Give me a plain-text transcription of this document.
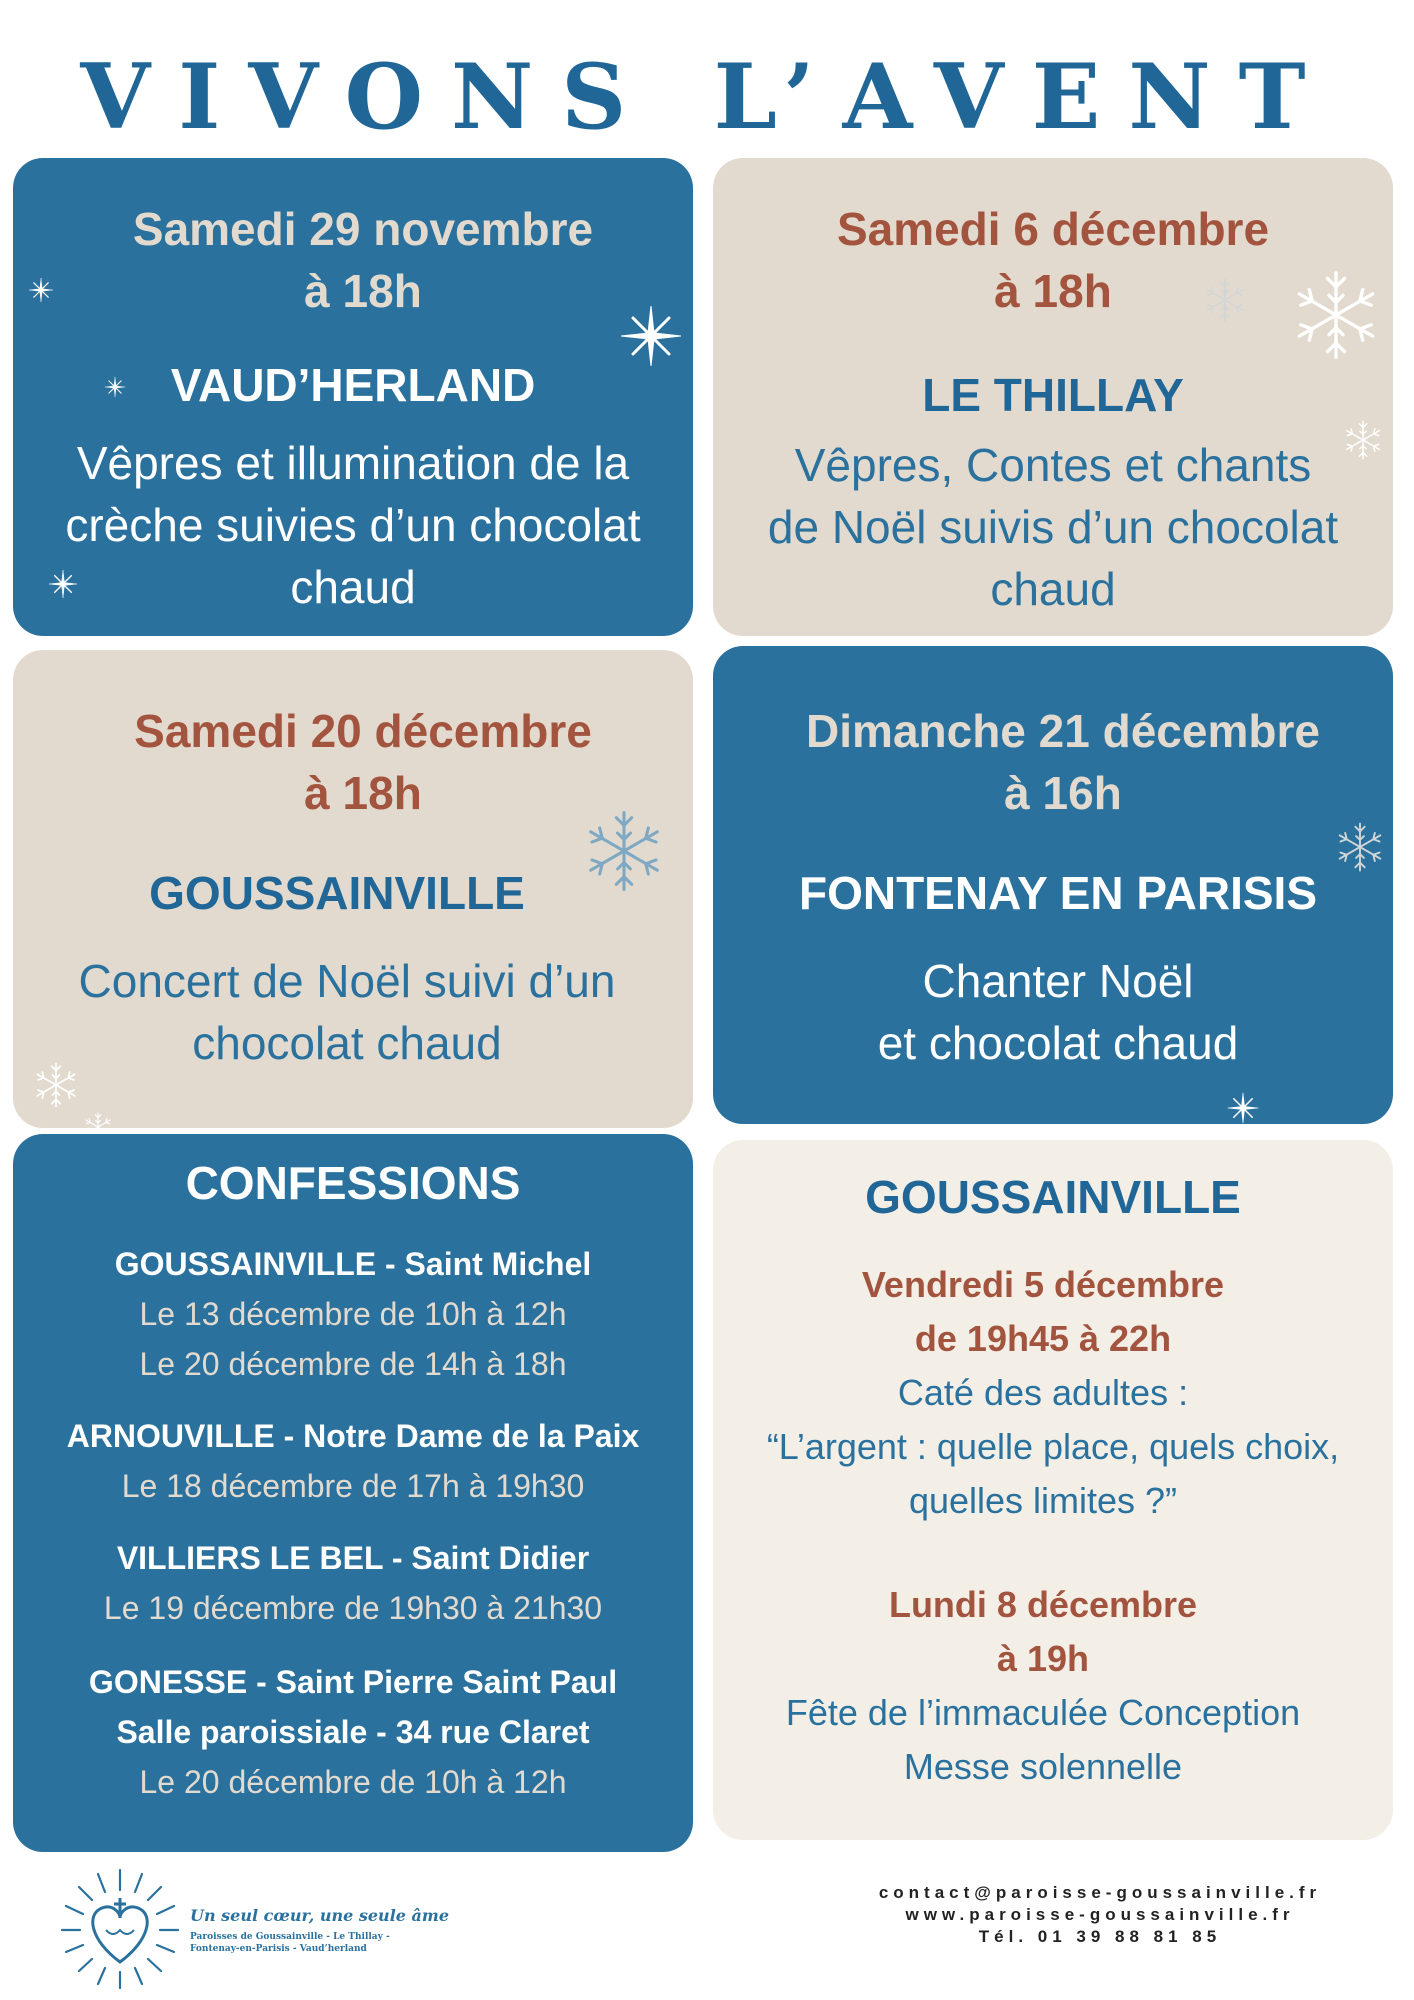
VIVONS L’AVENT
Samedi 29 novembre
à 18h
VAUD’HERLAND
Vêpres et illumination de la
crèche suivies d’un chocolat
chaud
Samedi 6 décembre
à 18h
LE THILLAY
Vêpres, Contes et chants
de Noël suivis d’un chocolat
chaud
Samedi 20 décembre
à 18h
GOUSSAINVILLE
Concert de Noël suivi d’un
chocolat chaud
Dimanche 21 décembre
à 16h
FONTENAY EN PARISIS
Chanter Noël
et chocolat chaud
CONFESSIONS
GOUSSAINVILLE - Saint Michel
Le 13 décembre de 10h à 12h
Le 20 décembre de 14h à 18h
ARNOUVILLE - Notre Dame de la Paix
Le 18 décembre de 17h à 19h30
VILLIERS LE BEL - Saint Didier
Le 19 décembre de 19h30 à 21h30
GONESSE - Saint Pierre Saint Paul
Salle paroissiale - 34 rue Claret
Le 20 décembre de 10h à 12h
GOUSSAINVILLE
Vendredi 5 décembre
de 19h45 à 22h
Caté des adultes :
“L’argent : quelle place, quels choix,
quelles limites ?”
Lundi 8 décembre
à 19h
Fête de l’immaculée Conception
Messe solennelle
Un seul cœur, une seule âme
Paroisses de Goussainville - Le Thillay -
Fontenay-en-Parisis - Vaud’herland
contact@paroisse-goussainville.fr
www.paroisse-goussainville.fr
Tél. 01 39 88 81 85
